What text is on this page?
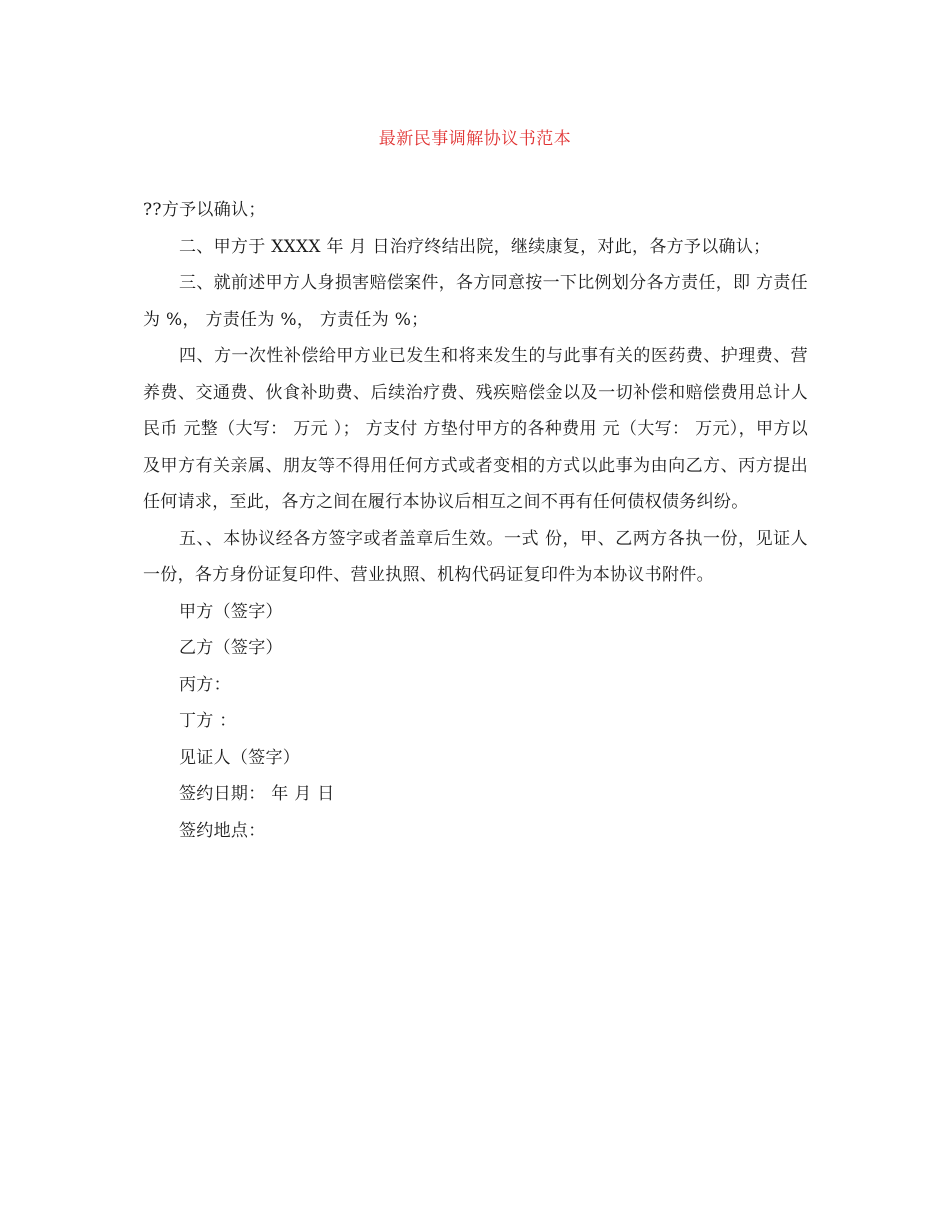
最新民事调解协议书范本

??方予以确认；

二、甲方于 XXXX 年 月 日治疗终结出院，继续康复，对此，各方予以确认；

三、就前述甲方人身损害赔偿案件，各方同意按一下比例划分各方责任，即 方责任为 %， 方责任为 %， 方责任为 %；

四、方一次性补偿给甲方业已发生和将来发生的与此事有关的医药费、护理费、营养费、交通费、伙食补助费、后续治疗费、残疾赔偿金以及一切补偿和赔偿费用总计人民币 元整（大写： 万元 ）； 方支付 方垫付甲方的各种费用 元（大写： 万元），甲方以及甲方有关亲属、朋友等不得用任何方式或者变相的方式以此事为由向乙方、丙方提出任何请求，至此，各方之间在履行本协议后相互之间不再有任何债权债务纠纷。

五、、本协议经各方签字或者盖章后生效。一式 份，甲、乙两方各执一份，见证人一份，各方身份证复印件、营业执照、机构代码证复印件为本协议书附件。

甲方（签字）
乙方（签字）
丙方：
丁方 ：
见证人（签字）
签约日期： 年 月 日
签约地点：
